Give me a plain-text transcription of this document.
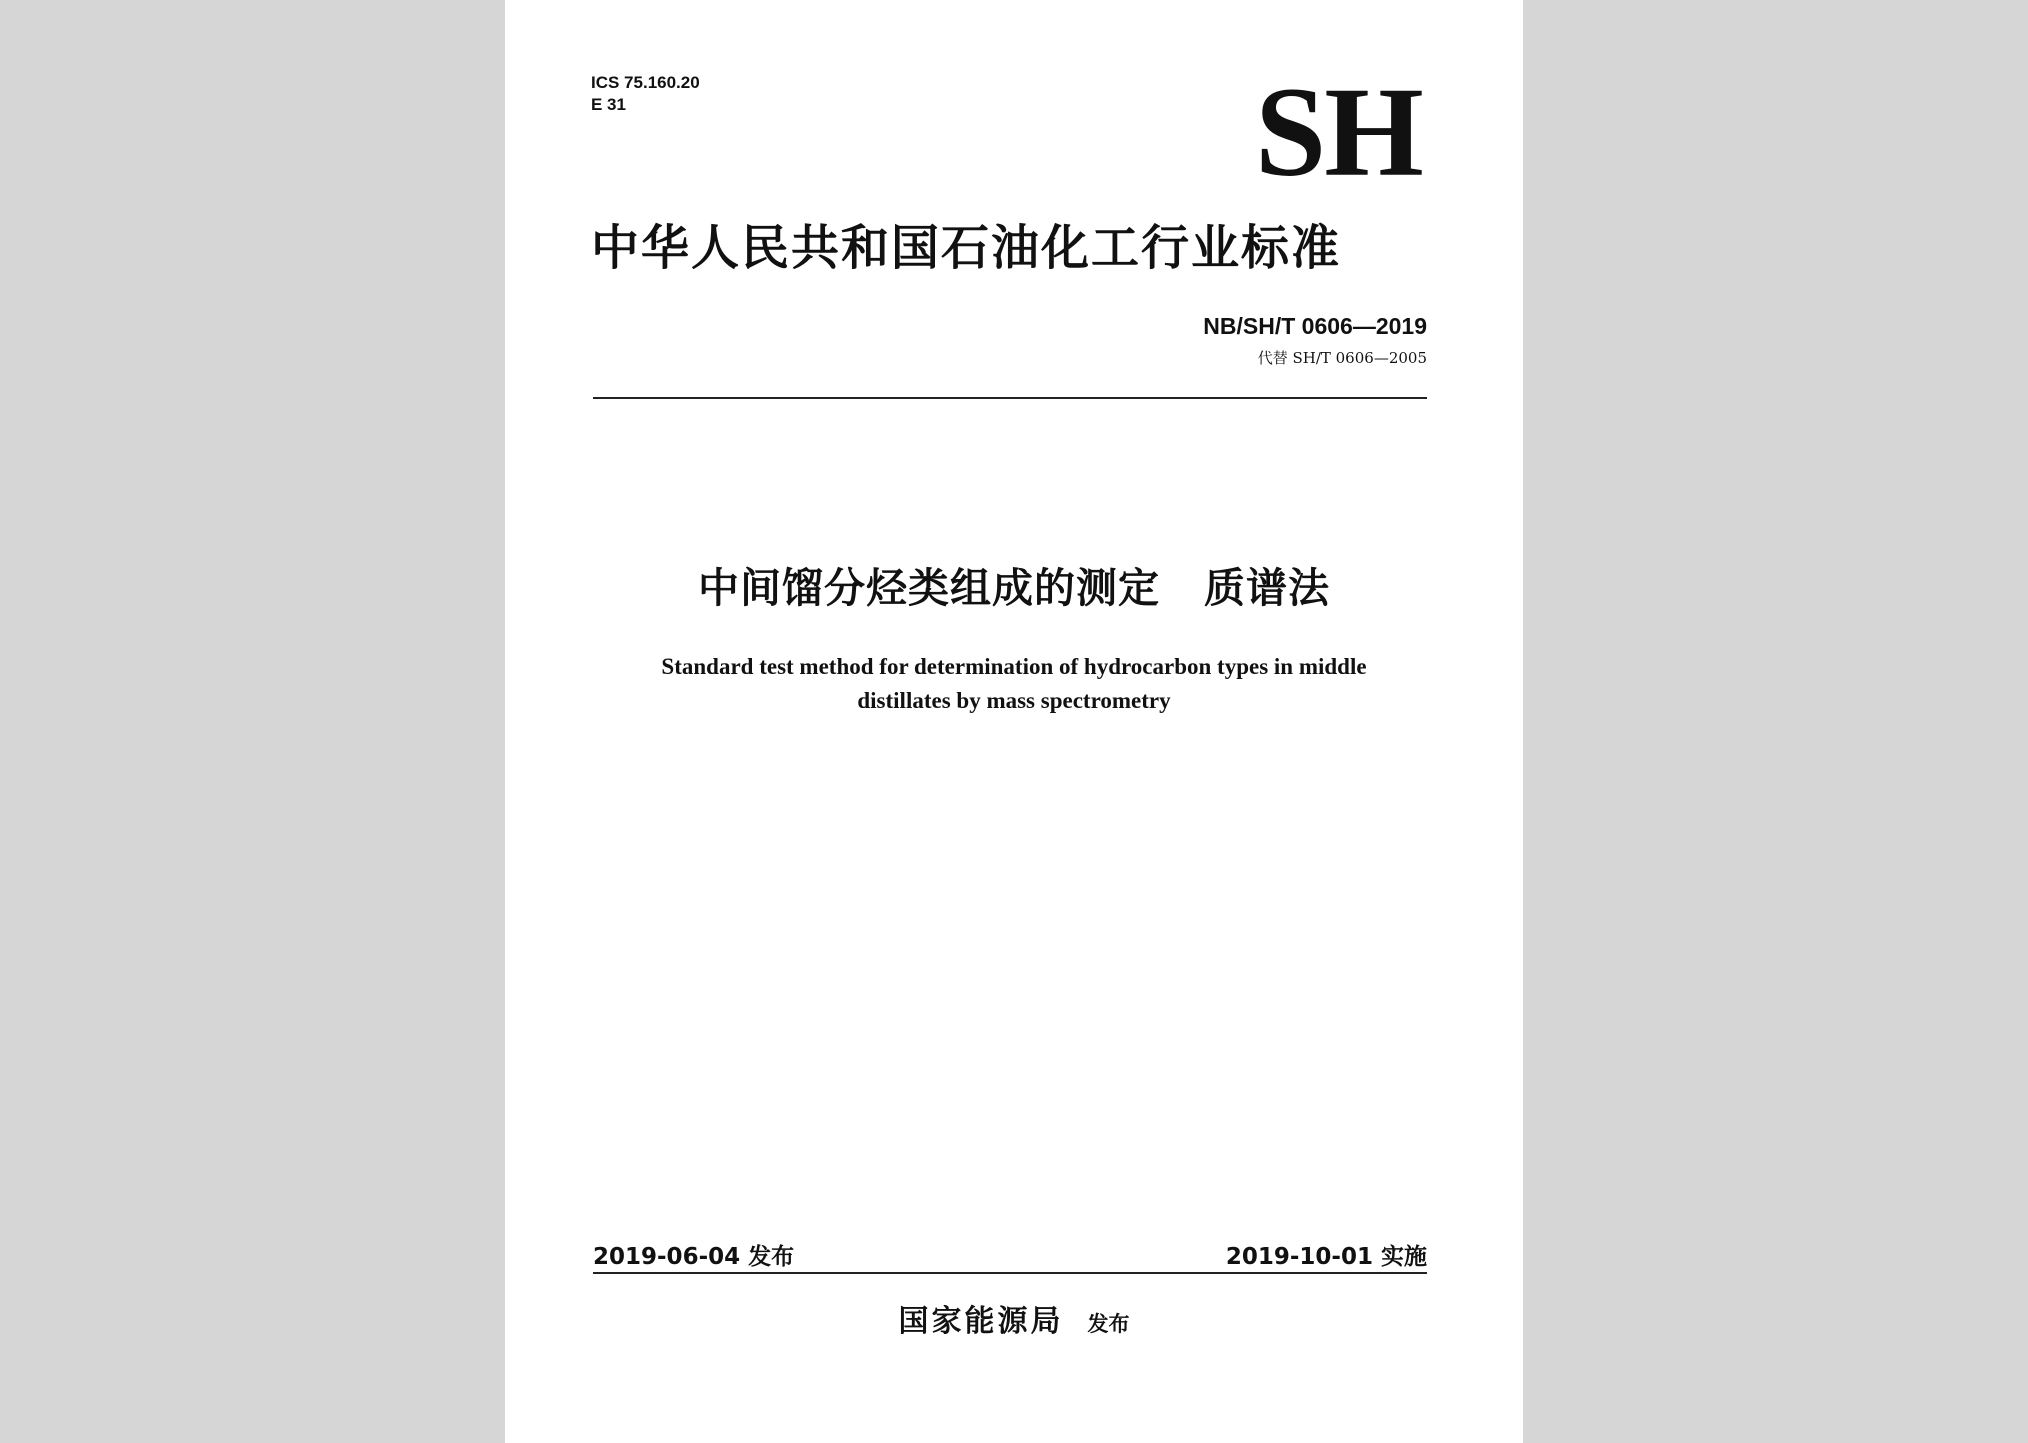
ICS 75.160.20
E 31	SH
中华人民共和国石油化工行业标准
NB/SH/T 0606—2019
代替 SH/T 0606—2005
中间馏分烃类组成的测定 质谱法
Standard test method for determination of hydrocarbon types in middle
distillates by mass spectrometry
2019-06-04 发布	2019-10-01 实施
国家能源局 发布
